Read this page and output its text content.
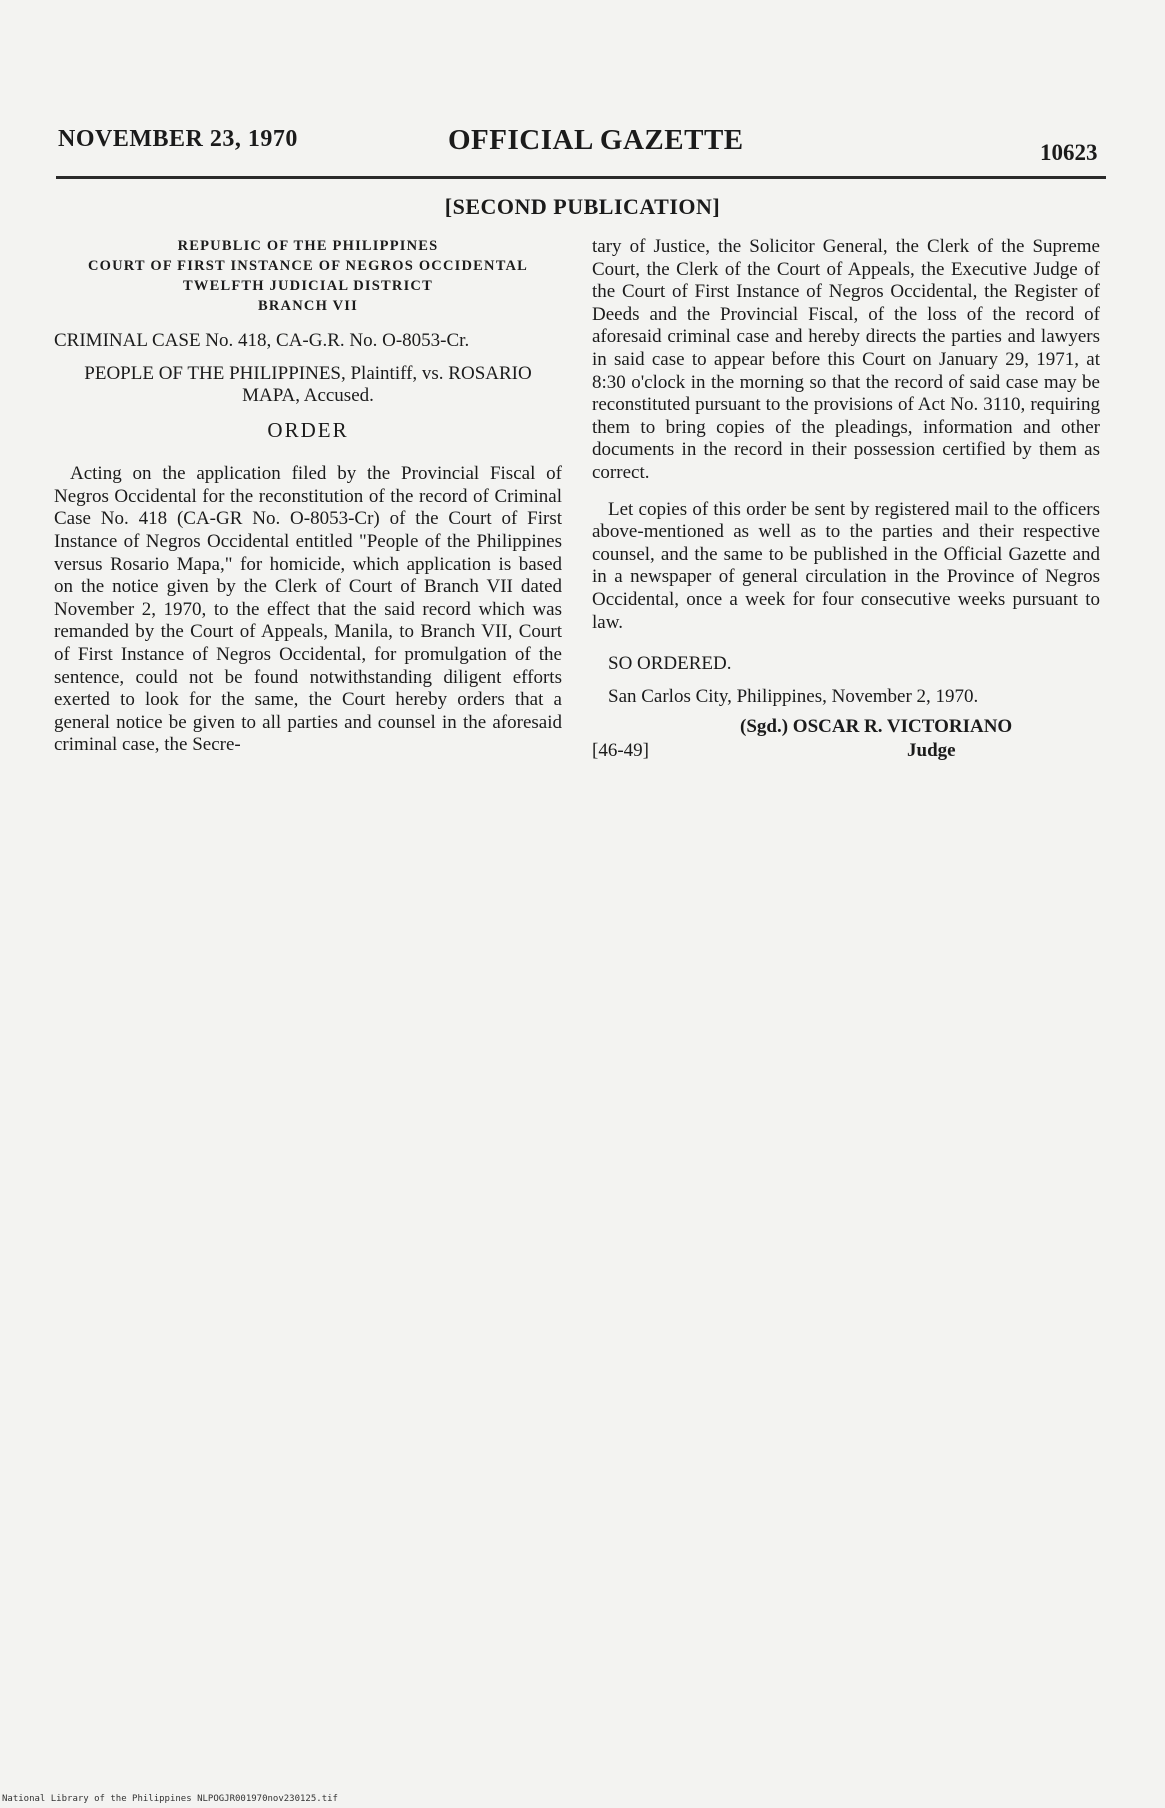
NOVEMBER 23, 1970	OFFICIAL GAZETTE	10623
[SECOND PUBLICATION]
REPUBLIC OF THE PHILIPPINES
COURT OF FIRST INSTANCE OF NEGROS OCCIDENTAL
TWELFTH JUDICIAL DISTRICT
BRANCH VII
CRIMINAL CASE No. 418, CA-G.R. No. O-8053-Cr.
PEOPLE OF THE PHILIPPINES, Plaintiff, vs. ROSARIO MAPA, Accused.
ORDER

Acting on the application filed by the Provincial Fiscal of Negros Occidental for the reconstitution of the record of Criminal Case No. 418 (CA-GR No. O-8053-Cr) of the Court of First Instance of Negros Occidental entitled "People of the Philippines versus Rosario Mapa," for homicide, which application is based on the notice given by the Clerk of Court of Branch VII dated November 2, 1970, to the effect that the said record which was remanded by the Court of Appeals, Manila, to Branch VII, Court of First Instance of Negros Occidental, for promulgation of the sentence, could not be found notwithstanding diligent efforts exerted to look for the same, the Court hereby orders that a general notice be given to all parties and counsel in the aforesaid criminal case, the Secre-

tary of Justice, the Solicitor General, the Clerk of the Supreme Court, the Clerk of the Court of Appeals, the Executive Judge of the Court of First Instance of Negros Occidental, the Register of Deeds and the Provincial Fiscal, of the loss of the record of aforesaid criminal case and hereby directs the parties and lawyers in said case to appear before this Court on January 29, 1971, at 8:30 o'clock in the morning so that the record of said case may be reconstituted pursuant to the provisions of Act No. 3110, requiring them to bring copies of the pleadings, information and other documents in the record in their possession certified by them as correct.

Let copies of this order be sent by registered mail to the officers above-mentioned as well as to the parties and their respective counsel, and the same to be published in the Official Gazette and in a newspaper of general circulation in the Province of Negros Occidental, once a week for four consecutive weeks pursuant to law.

SO ORDERED.
San Carlos City, Philippines, November 2, 1970.
[46-49]
(Sgd.) OSCAR R. VICTORIANO
Judge
National Library of the Philippines NLPOGJR001970nov230125.tif
